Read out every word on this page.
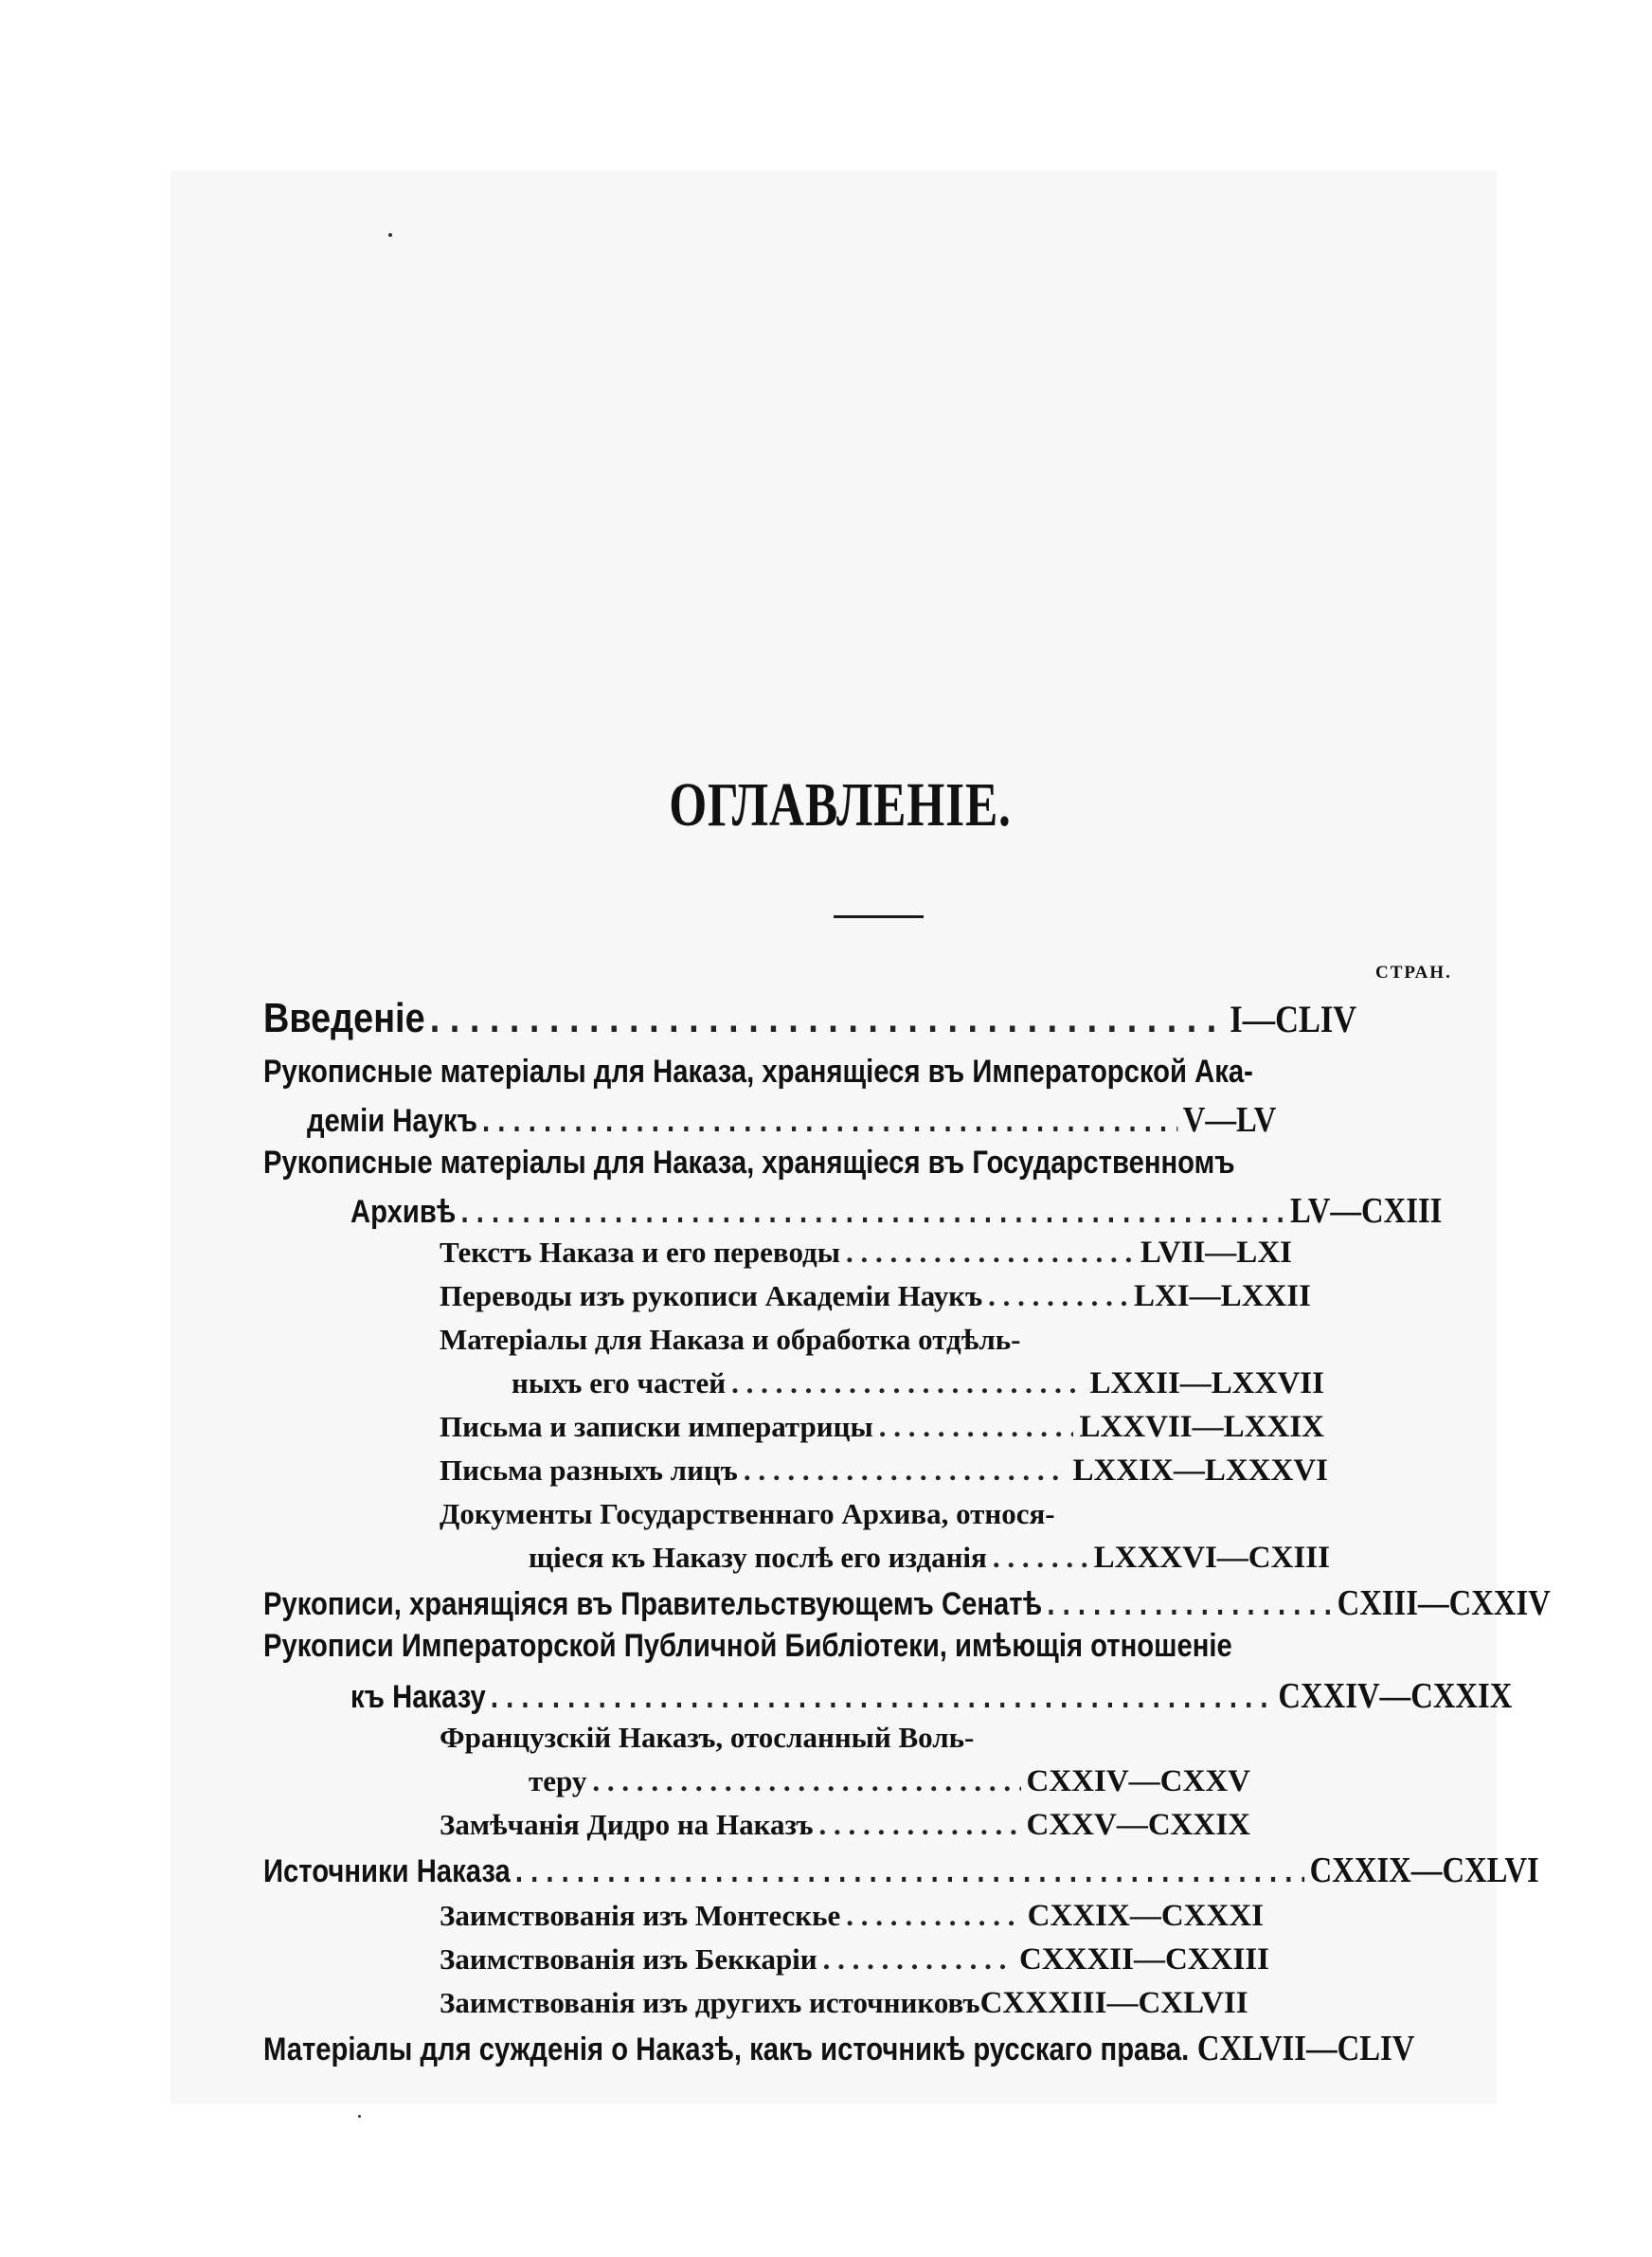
ОГЛАВЛЕНІЕ.
СТРАН.
Введеніе . . .	I—CLIV
Рукописные матеріалы для Наказа, хранящіеся въ Императорской Ака-
деміи Наукъ . . .	V—LV
Рукописные матеріалы для Наказа, хранящіеся въ Государственномъ
Архивѣ . . .	LV—CXIII
Текстъ Наказа и его переводы . . .	LVII—LXI
Переводы изъ рукописи Академіи Наукъ . . .	LXI—LXXII
Матеріалы для Наказа и обработка отдѣль-
ныхъ его частей . . .	LXXII—LXXVII
Письма и записки императрицы . . .	LXXVII—LXXIX
Письма разныхъ лицъ . . .	LXXIX—LXXXVI
Документы Государственнаго Архива, относя-
щіеся къ Наказу послѣ его изданія . . .	LXXXVI—CXIII
Рукописи, хранящіяся въ Правительствующемъ Сенатѣ . . .	CXIII—CXXIV
Рукописи Императорской Публичной Библіотеки, имѣющія отношеніе
къ Наказу . . .	CXXIV—CXXIX
Французскій Наказъ, отосланный Воль-
теру . . .	CXXIV—CXXV
Замѣчанія Дидро на Наказъ . . .	CXXV—CXXIX
Источники Наказа . . .	CXXIX—CXLVI
Заимствованія изъ Монтескье . . .	CXXIX—CXXXI
Заимствованія изъ Беккаріи . . .	CXXXII—CXXIII
Заимствованія изъ другихъ источниковъ CXXXIII—CXLVII
Матеріалы для сужденія о Наказѣ, какъ источникѣ русскаго права. CXLVII—CLIV
